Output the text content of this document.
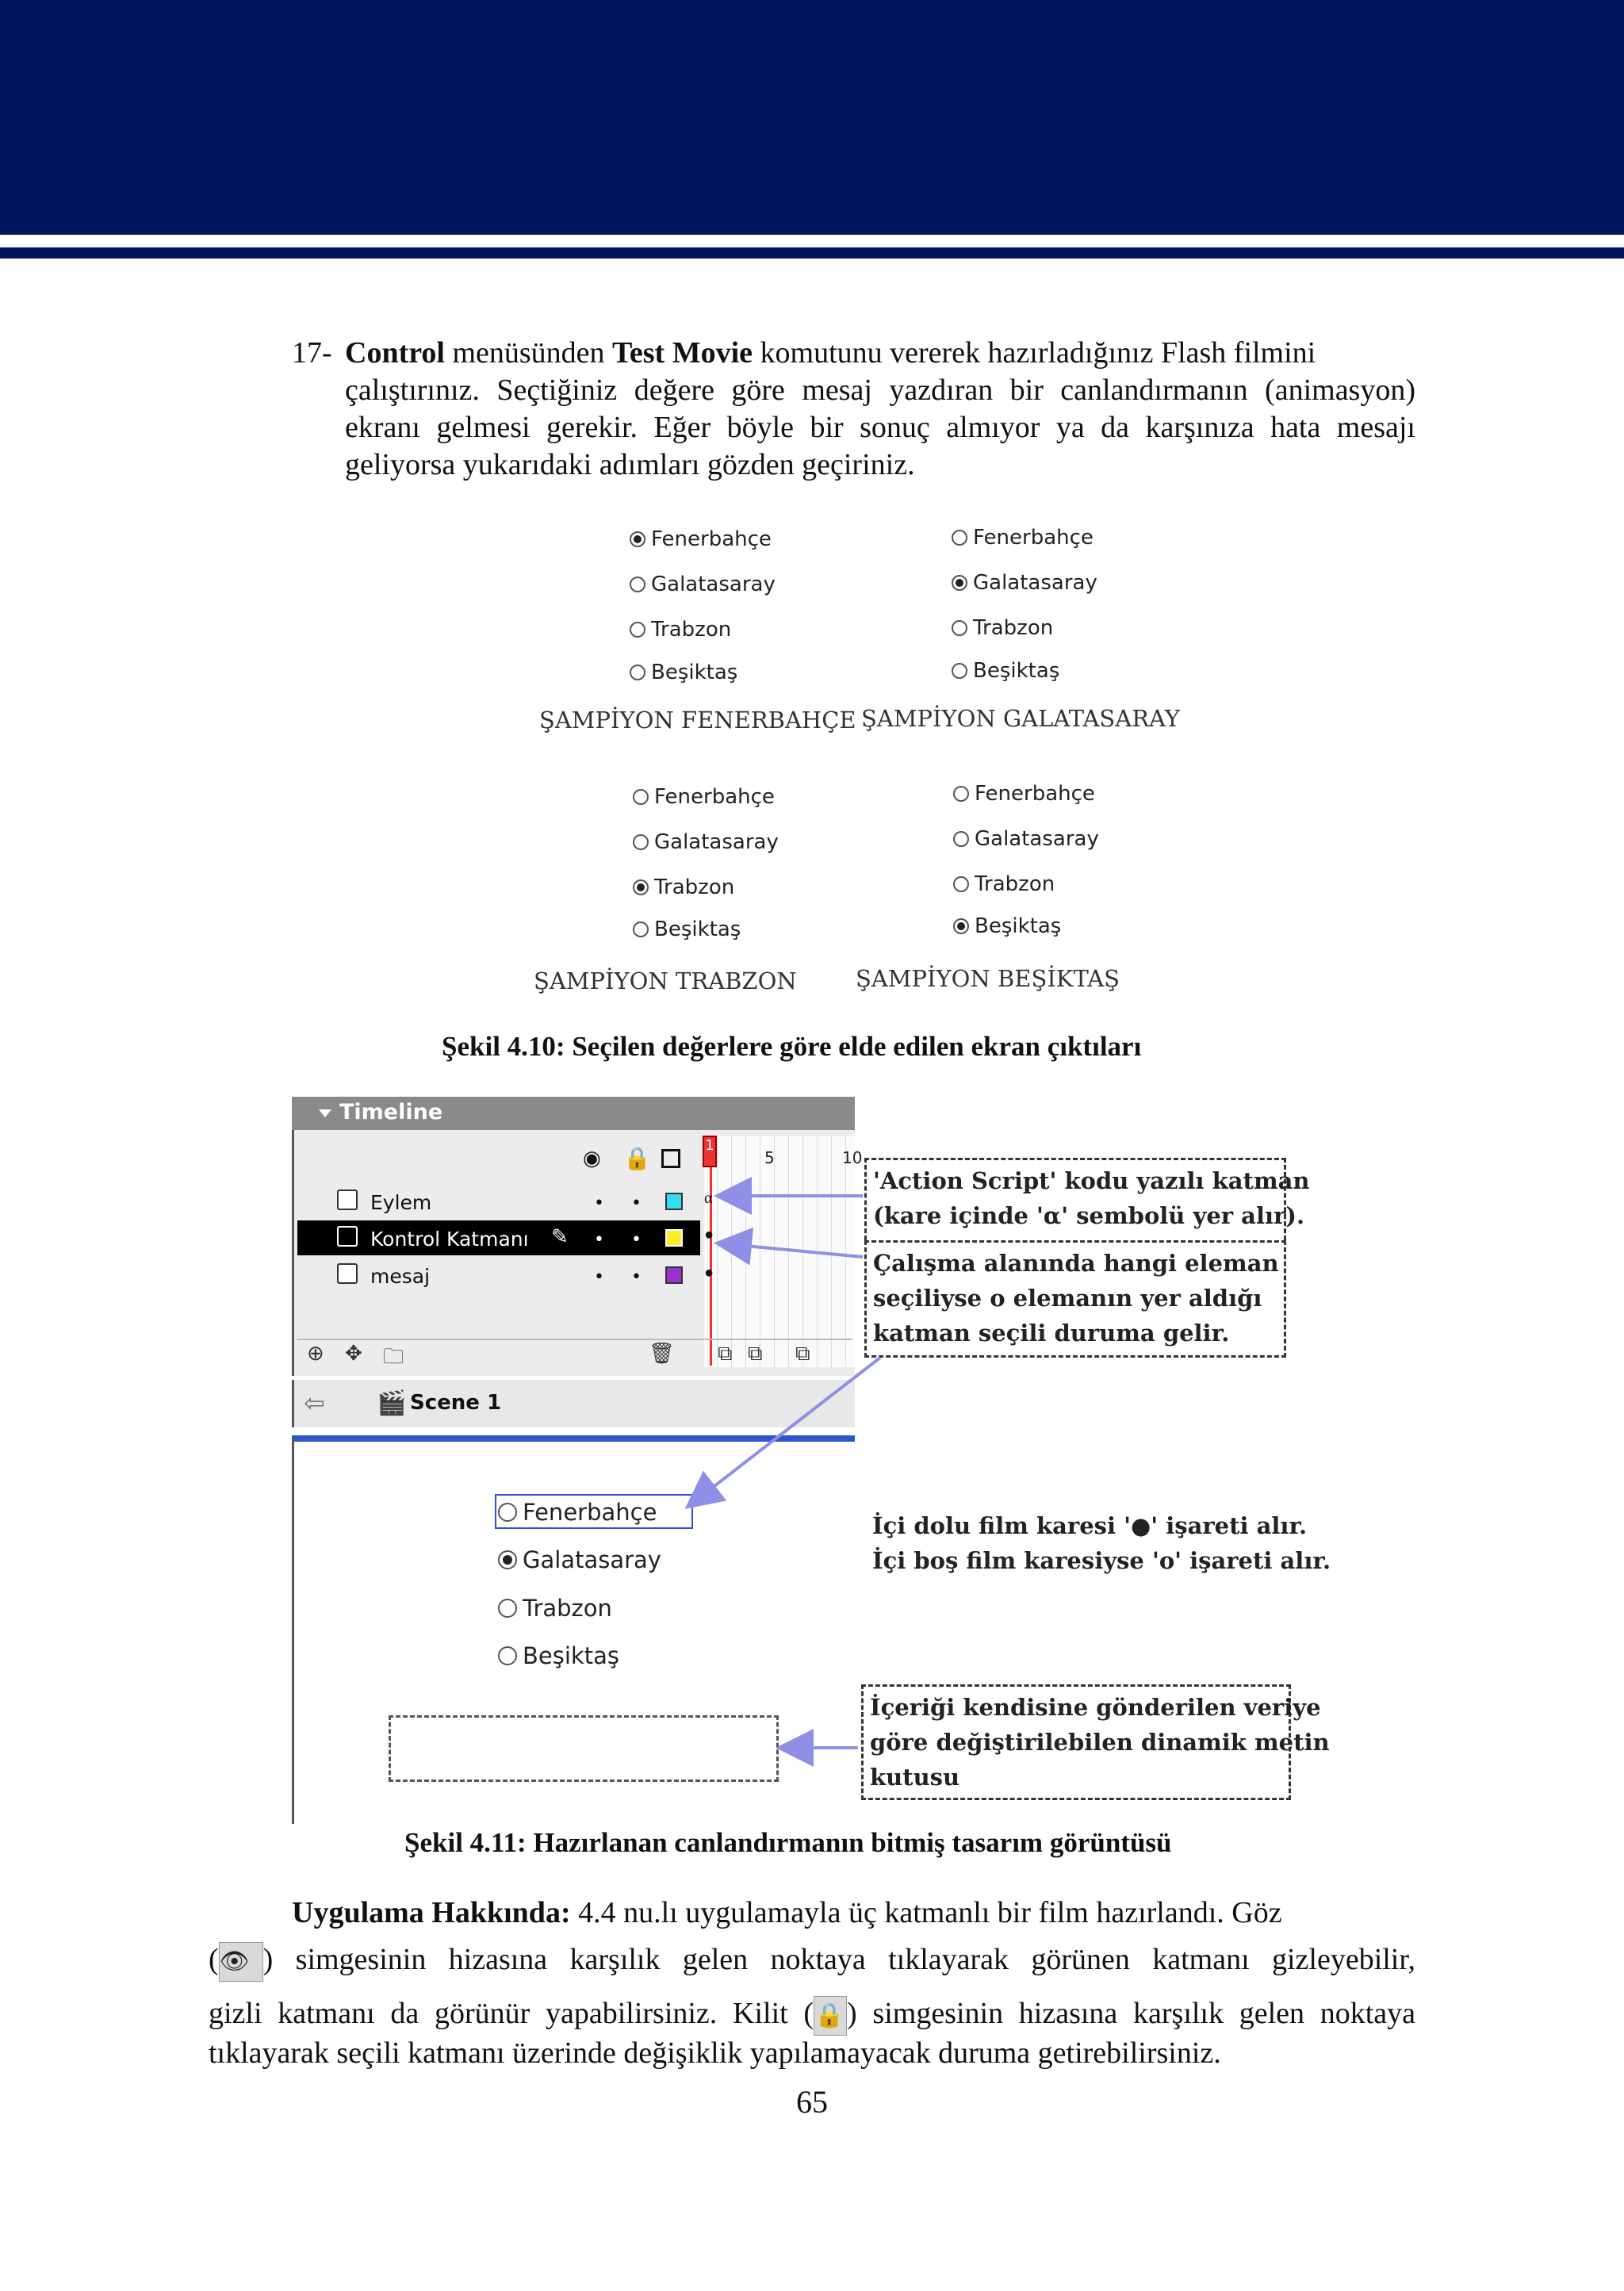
17- Control menüsünden Test Movie komutunu vererek hazırladığınız Flash filmini
çalıştırınız. Seçtiğiniz değere göre mesaj yazdıran bir canlandırmanın (animasyon)
ekranı gelmesi gerekir. Eğer böyle bir sonuç almıyor ya da karşınıza hata mesajı
geliyorsa yukarıdaki adımları gözden geçiriniz.
Fenerbahçe
Galatasaray
Trabzon
Beşiktaş
ŞAMPİYON FENERBAHÇE
Fenerbahçe
Galatasaray
Trabzon
Beşiktaş
ŞAMPİYON GALATASARAY
Fenerbahçe
Galatasaray
Trabzon
Beşiktaş
ŞAMPİYON TRABZON
Fenerbahçe
Galatasaray
Trabzon
Beşiktaş
ŞAMPİYON BEŞİKTAŞ
Şekil 4.10: Seçilen değerlere göre elde edilen ekran çıktıları
Timeline
◉ 🔒	1
5	10
Eylem	• •
Kontrol Katmanı ✎ • •
mesaj	• •
α
●
●
⊕ ✥ 🗀	🗑 ⧉ ⧉ ⧉
⇦ 🎬 Scene 1
Fenerbahçe
Galatasaray
Trabzon
Beşiktaş
'Action Script' kodu yazılı katman
(kare içinde 'α' sembolü yer alır).
Çalışma alanında hangi eleman
seçiliyse o elemanın yer aldığı
katman seçili duruma gelir.
İçi dolu film karesi '●' işareti alır.
İçi boş film karesiyse 'o' işareti alır.
İçeriği kendisine gönderilen veriye
göre değiştirilebilen dinamik metin
kutusu
Şekil 4.11: Hazırlanan canlandırmanın bitmiş tasarım görüntüsü
Uygulama Hakkında: 4.4 nu.lı uygulamayla üç katmanlı bir film hazırlandı. Göz
(👁 ) simgesinin hizasına karşılık gelen noktaya tıklayarak görünen katmanı gizleyebilir,
gizli katmanı da görünür yapabilirsiniz. Kilit (🔒) simgesinin hizasına karşılık gelen noktaya
tıklayarak seçili katmanı üzerinde değişiklik yapılamayacak duruma getirebilirsiniz.
65
